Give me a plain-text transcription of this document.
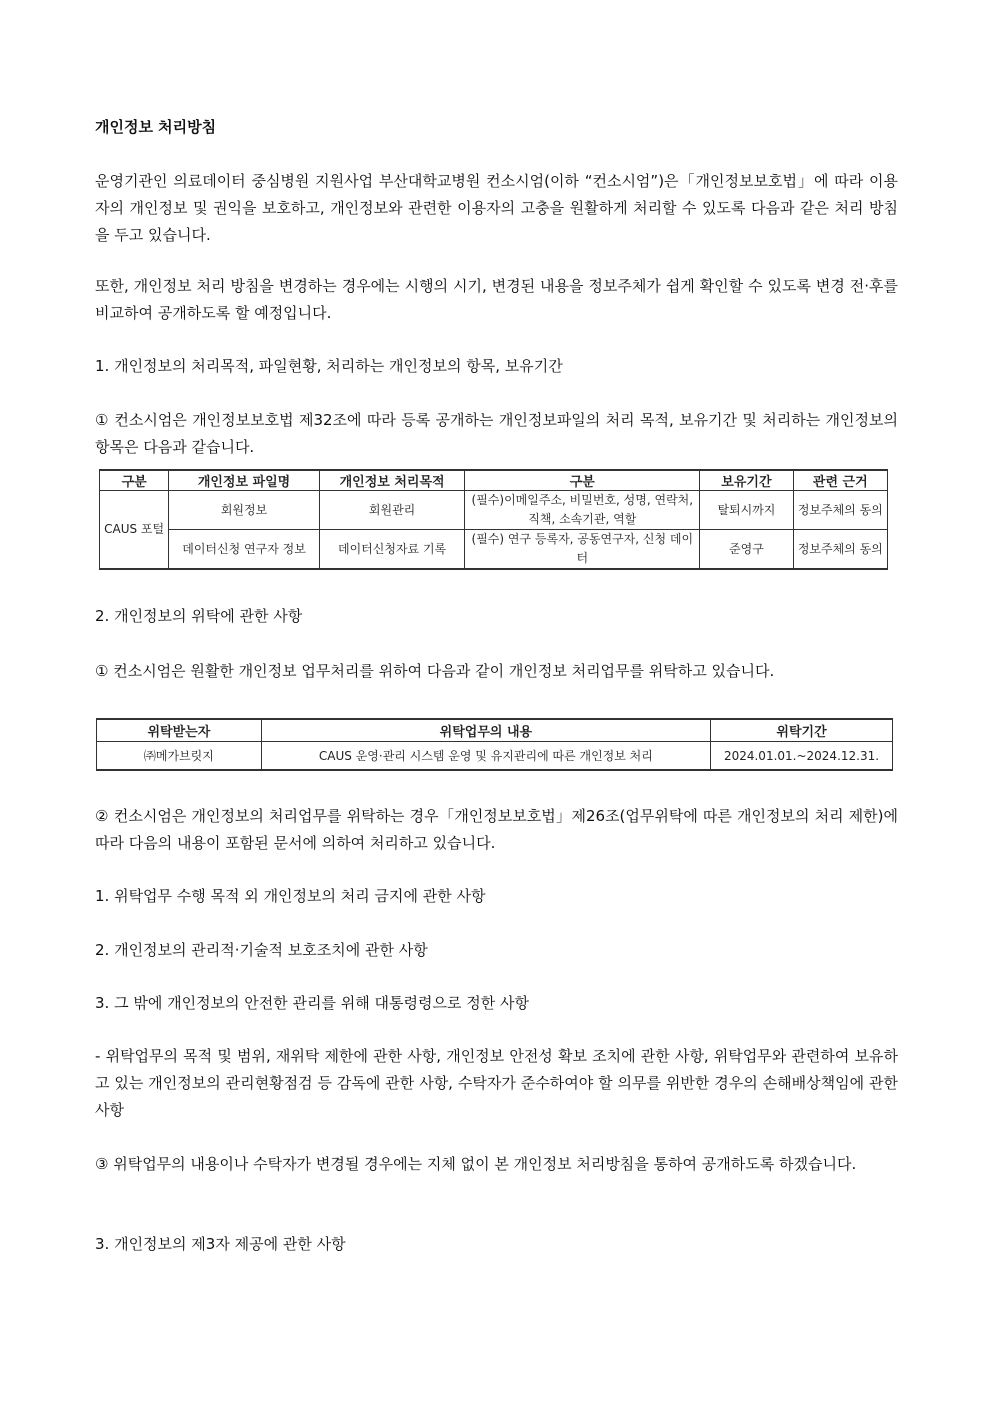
개인정보 처리방침

운영기관인 의료데이터 중심병원 지원사업 부산대학교병원 컨소시엄(이하 “컨소시엄”)은「개인정보보호법」에 따라 이용자의 개인정보 및 권익을 보호하고, 개인정보와 관련한 이용자의 고충을 원활하게 처리할 수 있도록 다음과 같은 처리 방침을 두고 있습니다.

또한, 개인정보 처리 방침을 변경하는 경우에는 시행의 시기, 변경된 내용을 정보주체가 쉽게 확인할 수 있도록 변경 전·후를 비교하여 공개하도록 할 예정입니다.

1. 개인정보의 처리목적, 파일현황, 처리하는 개인정보의 항목, 보유기간

① 컨소시엄은 개인정보보호법 제32조에 따라 등록 공개하는 개인정보파일의 처리 목적, 보유기간 및 처리하는 개인정보의 항목은 다음과 같습니다.

구분	개인정보 파일명	개인정보 처리목적	구분	보유기간	관련 근거
CAUS 포털	회원정보	회원관리	(필수)이메일주소, 비밀번호, 성명, 연락처, 직책, 소속기관, 역할	탈퇴시까지	정보주체의 동의
	데이터신청 연구자 정보	데이터신청자료 기록	(필수) 연구 등록자, 공동연구자, 신청 데이터	준영구	정보주체의 동의

2. 개인정보의 위탁에 관한 사항

① 컨소시엄은 원활한 개인정보 업무처리를 위하여 다음과 같이 개인정보 처리업무를 위탁하고 있습니다.

위탁받는자	위탁업무의 내용	위탁기간
㈜메가브릿지	CAUS 운영·관리 시스템 운영 및 유지관리에 따른 개인정보 처리	2024.01.01.~2024.12.31.

② 컨소시엄은 개인정보의 처리업무를 위탁하는 경우「개인정보보호법」제26조(업무위탁에 따른 개인정보의 처리 제한)에 따라 다음의 내용이 포함된 문서에 의하여 처리하고 있습니다.

1. 위탁업무 수행 목적 외 개인정보의 처리 금지에 관한 사항

2. 개인정보의 관리적·기술적 보호조치에 관한 사항

3. 그 밖에 개인정보의 안전한 관리를 위해 대통령령으로 정한 사항

- 위탁업무의 목적 및 범위, 재위탁 제한에 관한 사항, 개인정보 안전성 확보 조치에 관한 사항, 위탁업무와 관련하여 보유하고 있는 개인정보의 관리현황점검 등 감독에 관한 사항, 수탁자가 준수하여야 할 의무를 위반한 경우의 손해배상책임에 관한 사항

③ 위탁업무의 내용이나 수탁자가 변경될 경우에는 지체 없이 본 개인정보 처리방침을 통하여 공개하도록 하겠습니다.

3. 개인정보의 제3자 제공에 관한 사항
